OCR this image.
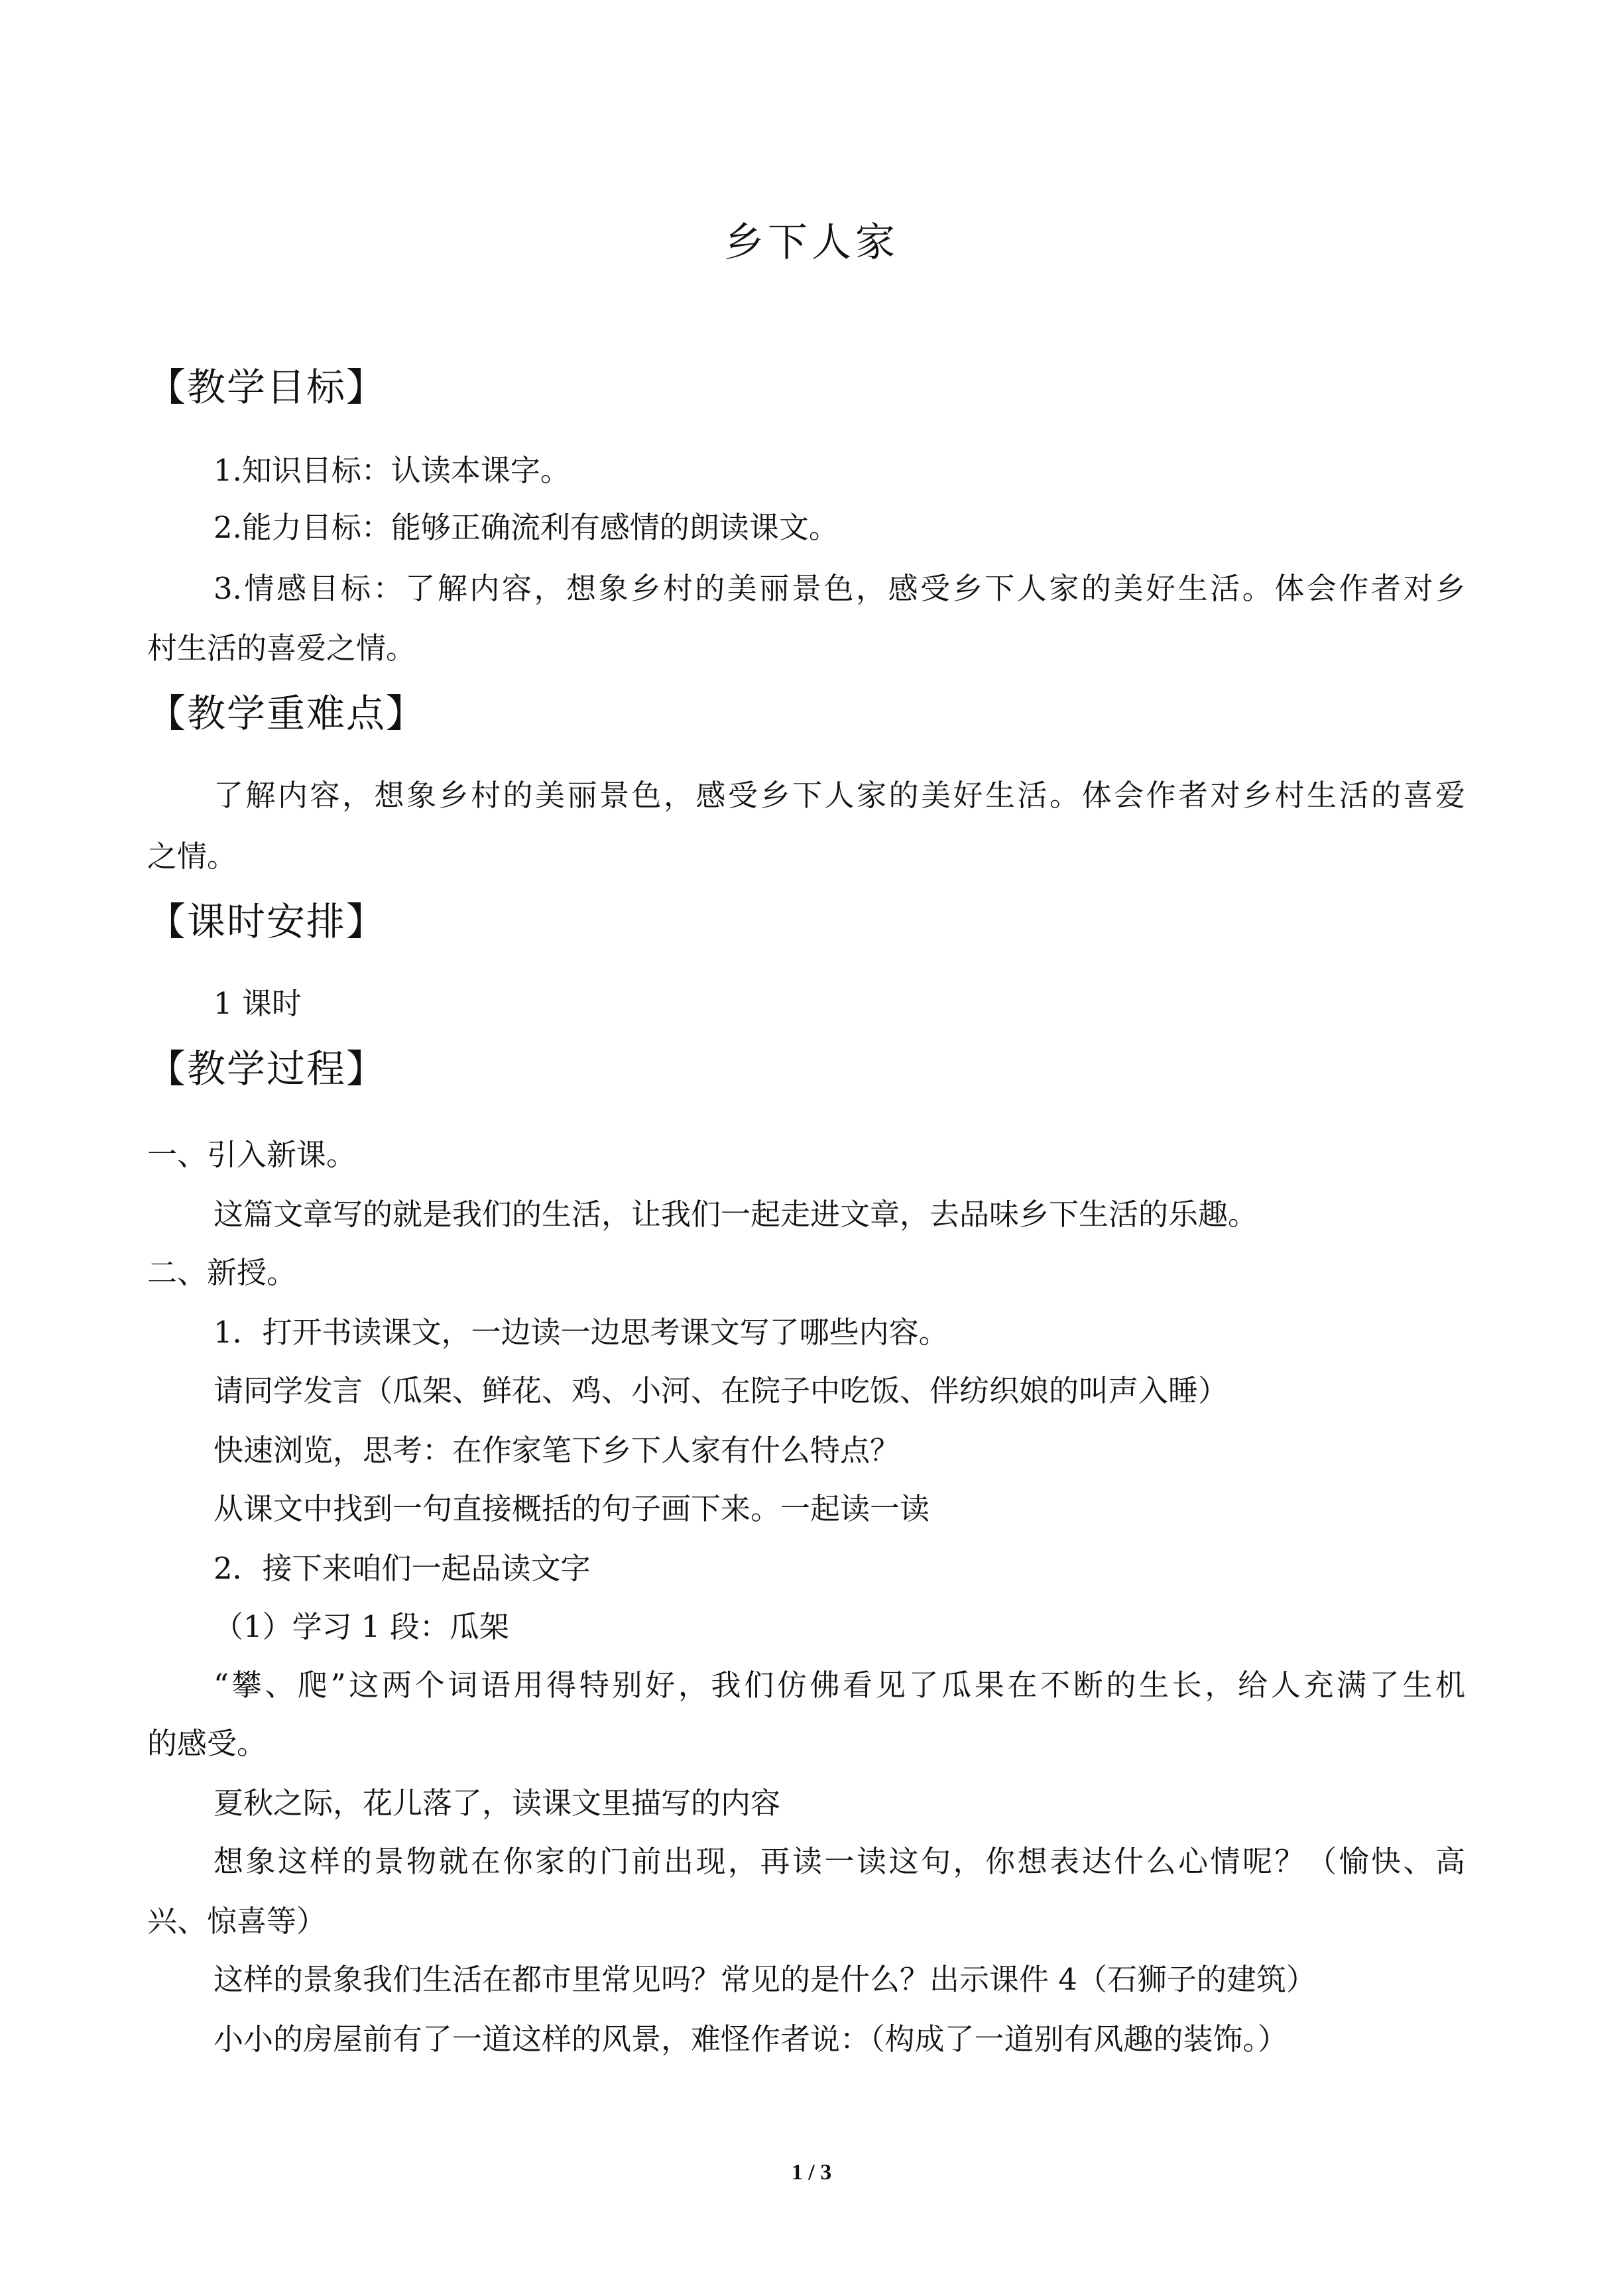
乡下人家
【教学目标】
1.知识目标：认读本课字。
2.能力目标：能够正确流利有感情的朗读课文。
3.情感目标：了解内容，想象乡村的美丽景色，感受乡下人家的美好生活。体会作者对乡
村生活的喜爱之情。
【教学重难点】
了解内容，想象乡村的美丽景色，感受乡下人家的美好生活。体会作者对乡村生活的喜爱
之情。
【课时安排】
1 课时
【教学过程】
一、引入新课。
这篇文章写的就是我们的生活，让我们一起走进文章，去品味乡下生活的乐趣。
二、新授。
1．打开书读课文，一边读一边思考课文写了哪些内容。
请同学发言（瓜架、鲜花、鸡、小河、在院子中吃饭、伴纺织娘的叫声入睡）
快速浏览，思考：在作家笔下乡下人家有什么特点？
从课文中找到一句直接概括的句子画下来。一起读一读
2．接下来咱们一起品读文字
（1）学习 1 段：瓜架
“攀、爬”这两个词语用得特别好，我们仿佛看见了瓜果在不断的生长，给人充满了生机
的感受。
夏秋之际，花儿落了，读课文里描写的内容
想象这样的景物就在你家的门前出现，再读一读这句，你想表达什么心情呢？（愉快、高
兴、惊喜等）
这样的景象我们生活在都市里常见吗？常见的是什么？出示课件 4（石狮子的建筑）
小小的房屋前有了一道这样的风景，难怪作者说：（构成了一道别有风趣的装饰。）
1 / 3
